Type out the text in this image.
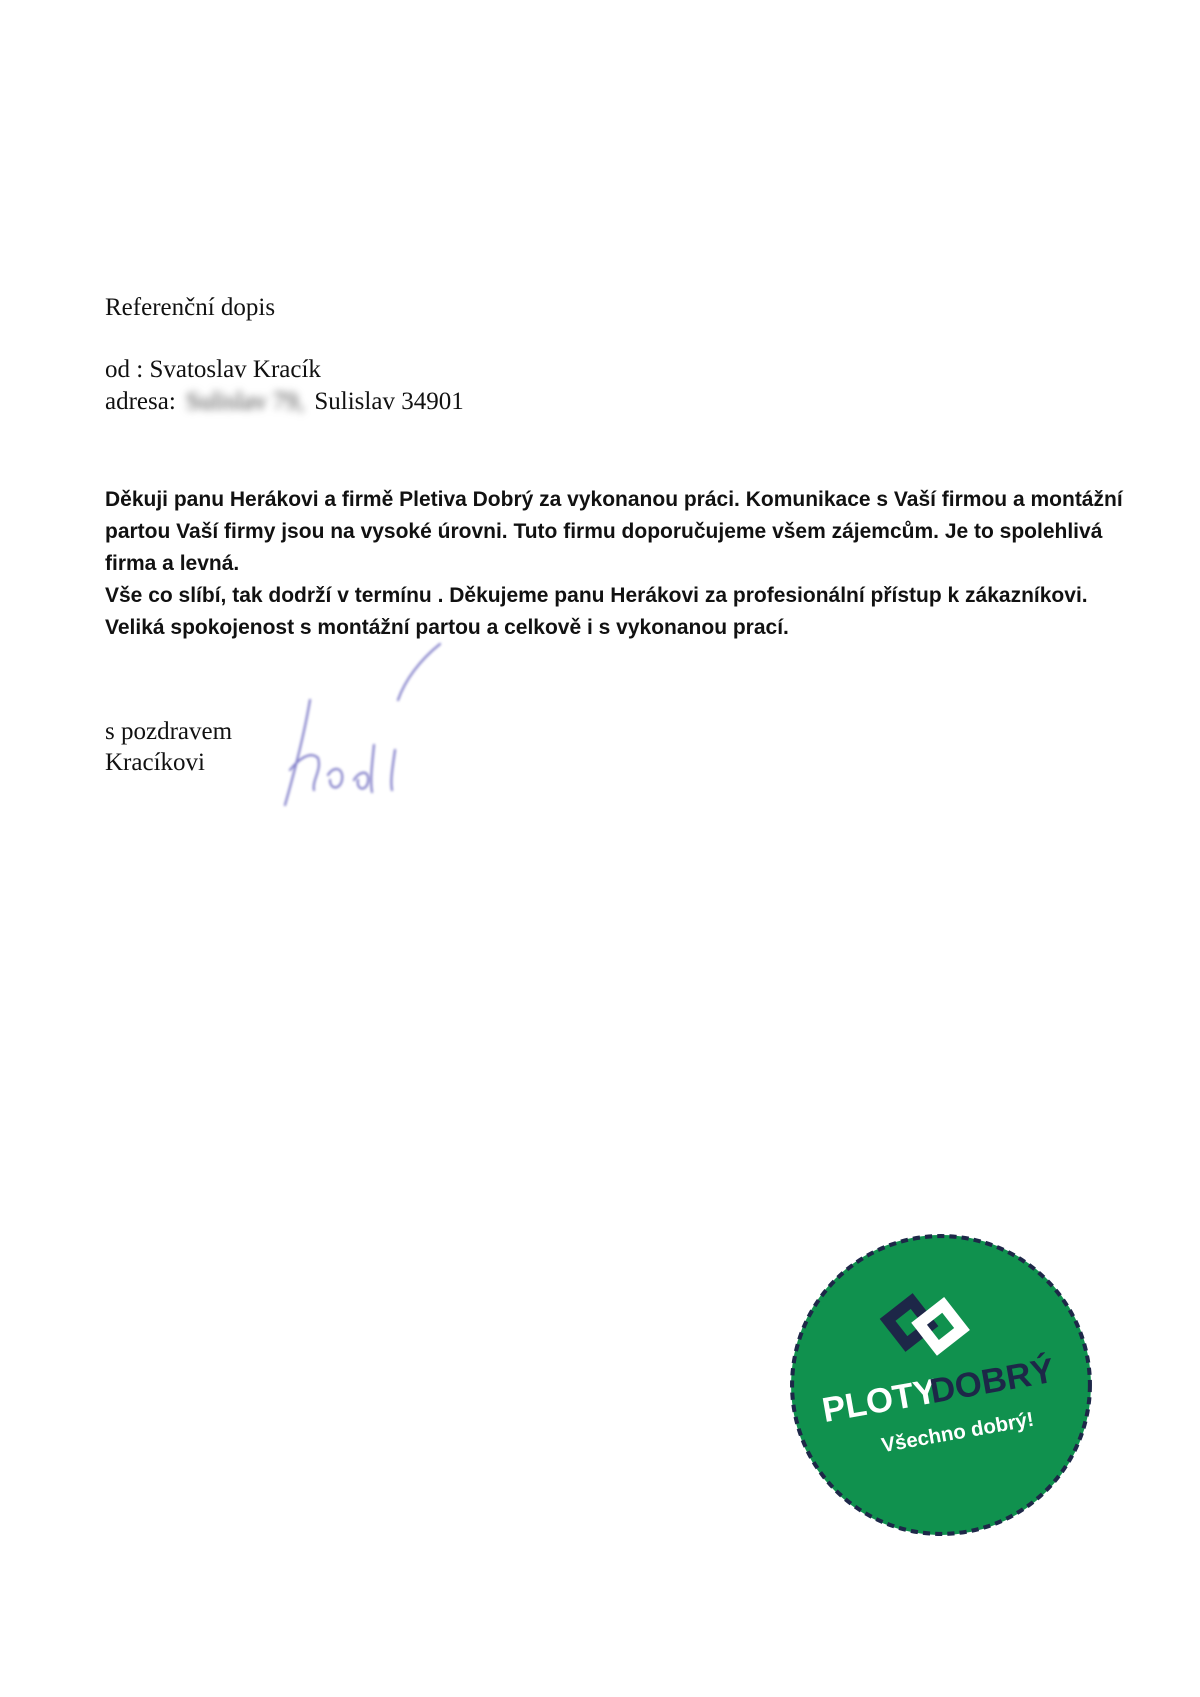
Referenční dopis
od : Svatoslav Kracík
adresa: Sulislav 79, Sulislav 34901

Děkuji panu Herákovi a firmě Pletiva Dobrý za vykonanou práci. Komunikace s Vaší firmou a montážní partou Vaší firmy jsou na vysoké úrovni. Tuto firmu doporučujeme všem zájemcům. Je to spolehlivá firma a levná.

Vše co slíbí, tak dodrží v termínu . Děkujeme panu Herákovi za profesionální přístup k zákazníkovi.

Veliká spokojenost s montážní partou a celkově i s vykonanou prací.

s pozdravem
Kracíkovi
PLOTY
DOBRÝ
Všechno dobrý!
